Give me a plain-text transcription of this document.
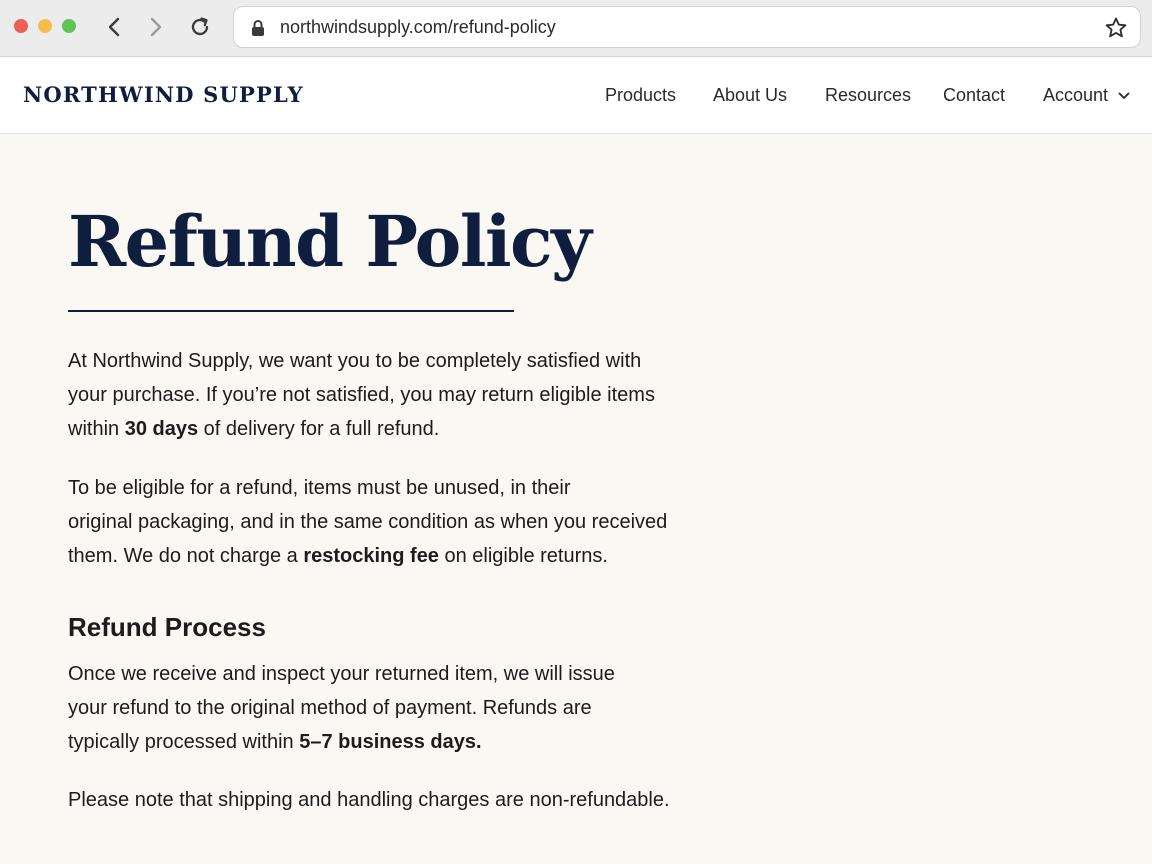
northwindsupply.com/refund-policy
NORTHWIND SUPPLY	Products About Us Resources Contact Account
Refund Policy

At Northwind Supply, we want you to be completely satisfied with
your purchase. If you’re not satisfied, you may return eligible items
within 30 days of delivery for a full refund.

To be eligible for a refund, items must be unused, in their
original packaging, and in the same condition as when you received
them. We do not charge a restocking fee on eligible returns.

Refund Process

Once we receive and inspect your returned item, we will issue
your refund to the original method of payment. Refunds are
typically processed within 5–7 business days.

Please note that shipping and handling charges are non-refundable.
